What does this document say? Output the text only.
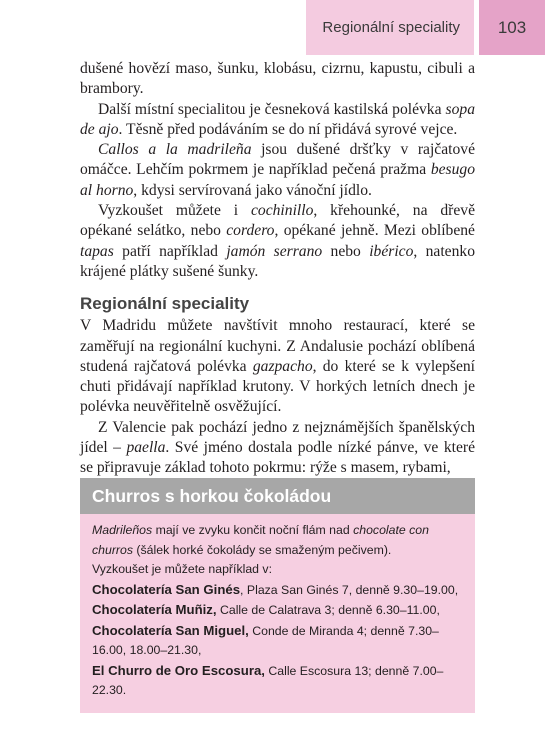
Regionální speciality	103

dušené hovězí maso, šunku, klobásu, cizrnu, kapustu, cibuli a brambory.

Další místní specialitou je česneková kastilská polévka sopa de ajo. Těsně před podáváním se do ní přidává syrové vejce.

Callos a la madrileña jsou dušené dršťky v rajčatové omáčce. Lehčím pokrmem je například pečená pražma besugo al horno, kdysi servírovaná jako vánoční jídlo.

Vyzkoušet můžete i cochinillo, křehounké, na dřevě opékané selátko, nebo cordero, opékané jehně. Mezi oblíbené tapas patří například jamón serrano nebo ibérico, natenko krájené plátky sušené šunky.

Regionální speciality

V Madridu můžete navštívit mnoho restaurací, které se zaměřují na regionální kuchyni. Z Andalusie pochází oblíbená studená rajčatová polévka gazpacho, do které se k vylepšení chuti přidávají například krutony. V horkých letních dnech je polévka neuvěřitelně osvěžující.

Z Valencie pak pochází jedno z nejznámějších španělských jídel – paella. Své jméno dostala podle nízké pánve, ve které se připravuje základ tohoto pokrmu: rýže s masem, rybami,

Churros s horkou čokoládou

Madrileños mají ve zvyku končit noční flám nad chocolate con churros (šálek horké čokolády se smaženým pečivem).

Vyzkoušet je můžete například v:

Chocolatería San Ginés, Plaza San Ginés 7, denně 9.30–19.00,

Chocolatería Muñiz, Calle de Calatrava 3; denně 6.30–11.00,

Chocolatería San Miguel, Conde de Miranda 4; denně 7.30–16.00, 18.00–21.30,

El Churro de Oro Escosura, Calle Escosura 13; denně 7.00–22.30.
